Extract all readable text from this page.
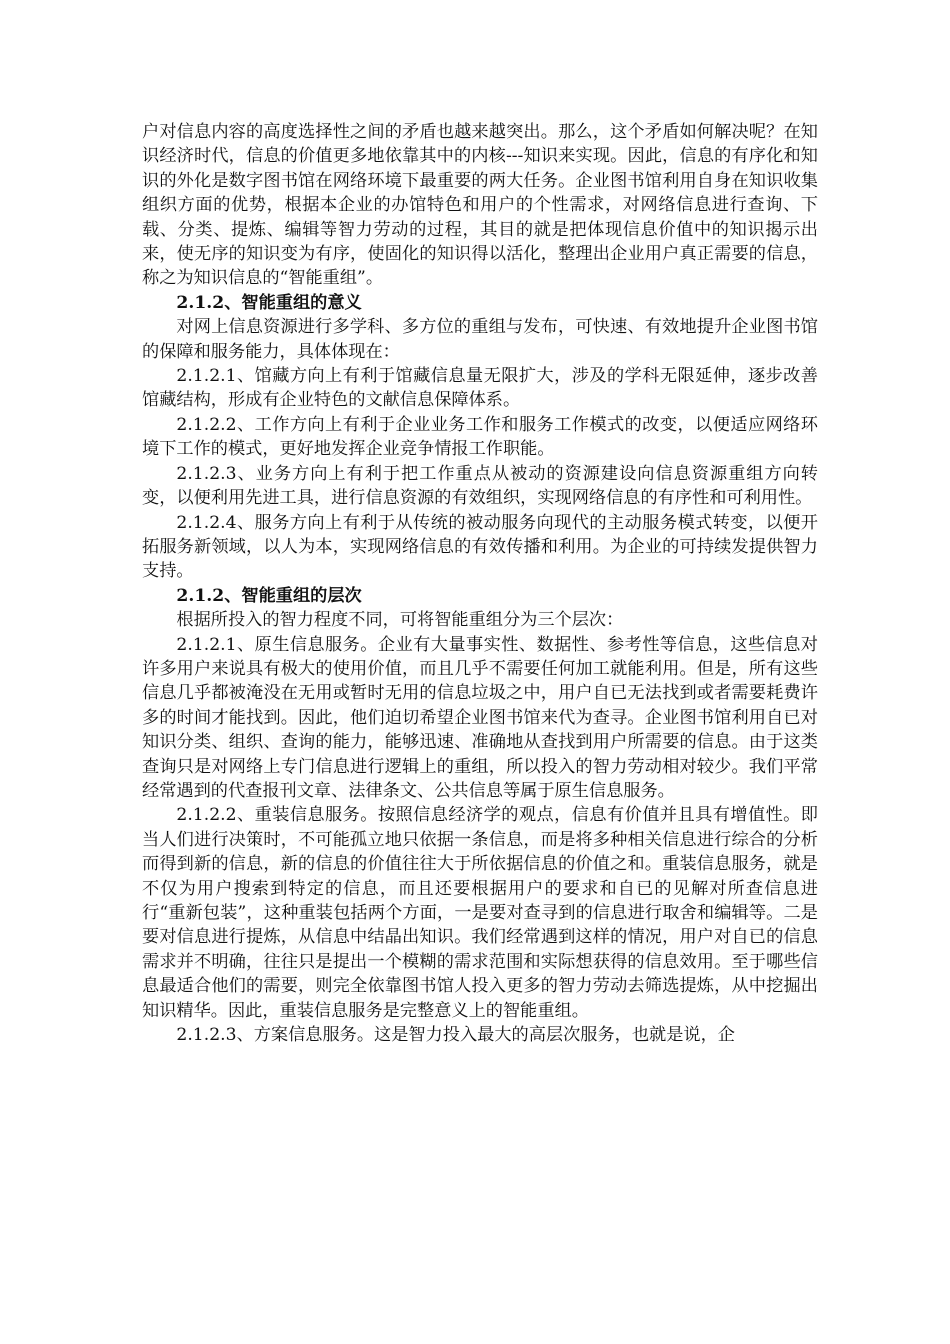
户对信息内容的高度选择性之间的矛盾也越来越突出。那么，这个矛盾如何解决呢？在知识经济时代，信息的价值更多地依靠其中的内核---知识来实现。因此，信息的有序化和知识的外化是数字图书馆在网络环境下最重要的两大任务。企业图书馆利用自身在知识收集组织方面的优势，根据本企业的办馆特色和用户的个性需求，对网络信息进行查询、下载、分类、提炼、编辑等智力劳动的过程，其目的就是把体现信息价值中的知识揭示出来，使无序的知识变为有序，使固化的知识得以活化，整理出企业用户真正需要的信息，称之为知识信息的“智能重组”。

2.1.2、智能重组的意义

对网上信息资源进行多学科、多方位的重组与发布，可快速、有效地提升企业图书馆的保障和服务能力，具体体现在：

2.1.2.1、馆藏方向上有利于馆藏信息量无限扩大，涉及的学科无限延伸，逐步改善馆藏结构，形成有企业特色的文献信息保障体系。

2.1.2.2、工作方向上有利于企业业务工作和服务工作模式的改变，以便适应网络环境下工作的模式，更好地发挥企业竞争情报工作职能。

2.1.2.3、业务方向上有利于把工作重点从被动的资源建设向信息资源重组方向转变，以便利用先进工具，进行信息资源的有效组织，实现网络信息的有序性和可利用性。

2.1.2.4、服务方向上有利于从传统的被动服务向现代的主动服务模式转变，以便开拓服务新领域，以人为本，实现网络信息的有效传播和利用。为企业的可持续发提供智力支持。

2.1.2、智能重组的层次

根据所投入的智力程度不同，可将智能重组分为三个层次：

2.1.2.1、原生信息服务。企业有大量事实性、数据性、参考性等信息，这些信息对许多用户来说具有极大的使用价值，而且几乎不需要任何加工就能利用。但是，所有这些信息几乎都被淹没在无用或暂时无用的信息垃圾之中，用户自已无法找到或者需要耗费许多的时间才能找到。因此，他们迫切希望企业图书馆来代为查寻。企业图书馆利用自已对知识分类、组织、查询的能力，能够迅速、准确地从查找到用户所需要的信息。由于这类查询只是对网络上专门信息进行逻辑上的重组，所以投入的智力劳动相对较少。我们平常经常遇到的代查报刊文章、法律条文、公共信息等属于原生信息服务。

2.1.2.2、重装信息服务。按照信息经济学的观点，信息有价值并且具有增值性。即当人们进行决策时，不可能孤立地只依据一条信息，而是将多种相关信息进行综合的分析而得到新的信息，新的信息的价值往往大于所依据信息的价值之和。重装信息服务，就是不仅为用户搜索到特定的信息，而且还要根据用户的要求和自已的见解对所查信息进行“重新包装”，这种重装包括两个方面，一是要对查寻到的信息进行取舍和编辑等。二是要对信息进行提炼，从信息中结晶出知识。我们经常遇到这样的情况，用户对自已的信息需求并不明确，往往只是提出一个模糊的需求范围和实际想获得的信息效用。至于哪些信息最适合他们的需要，则完全依靠图书馆人投入更多的智力劳动去筛选提炼，从中挖掘出知识精华。因此，重装信息服务是完整意义上的智能重组。

2.1.2.3、方案信息服务。这是智力投入最大的高层次服务，也就是说，企
